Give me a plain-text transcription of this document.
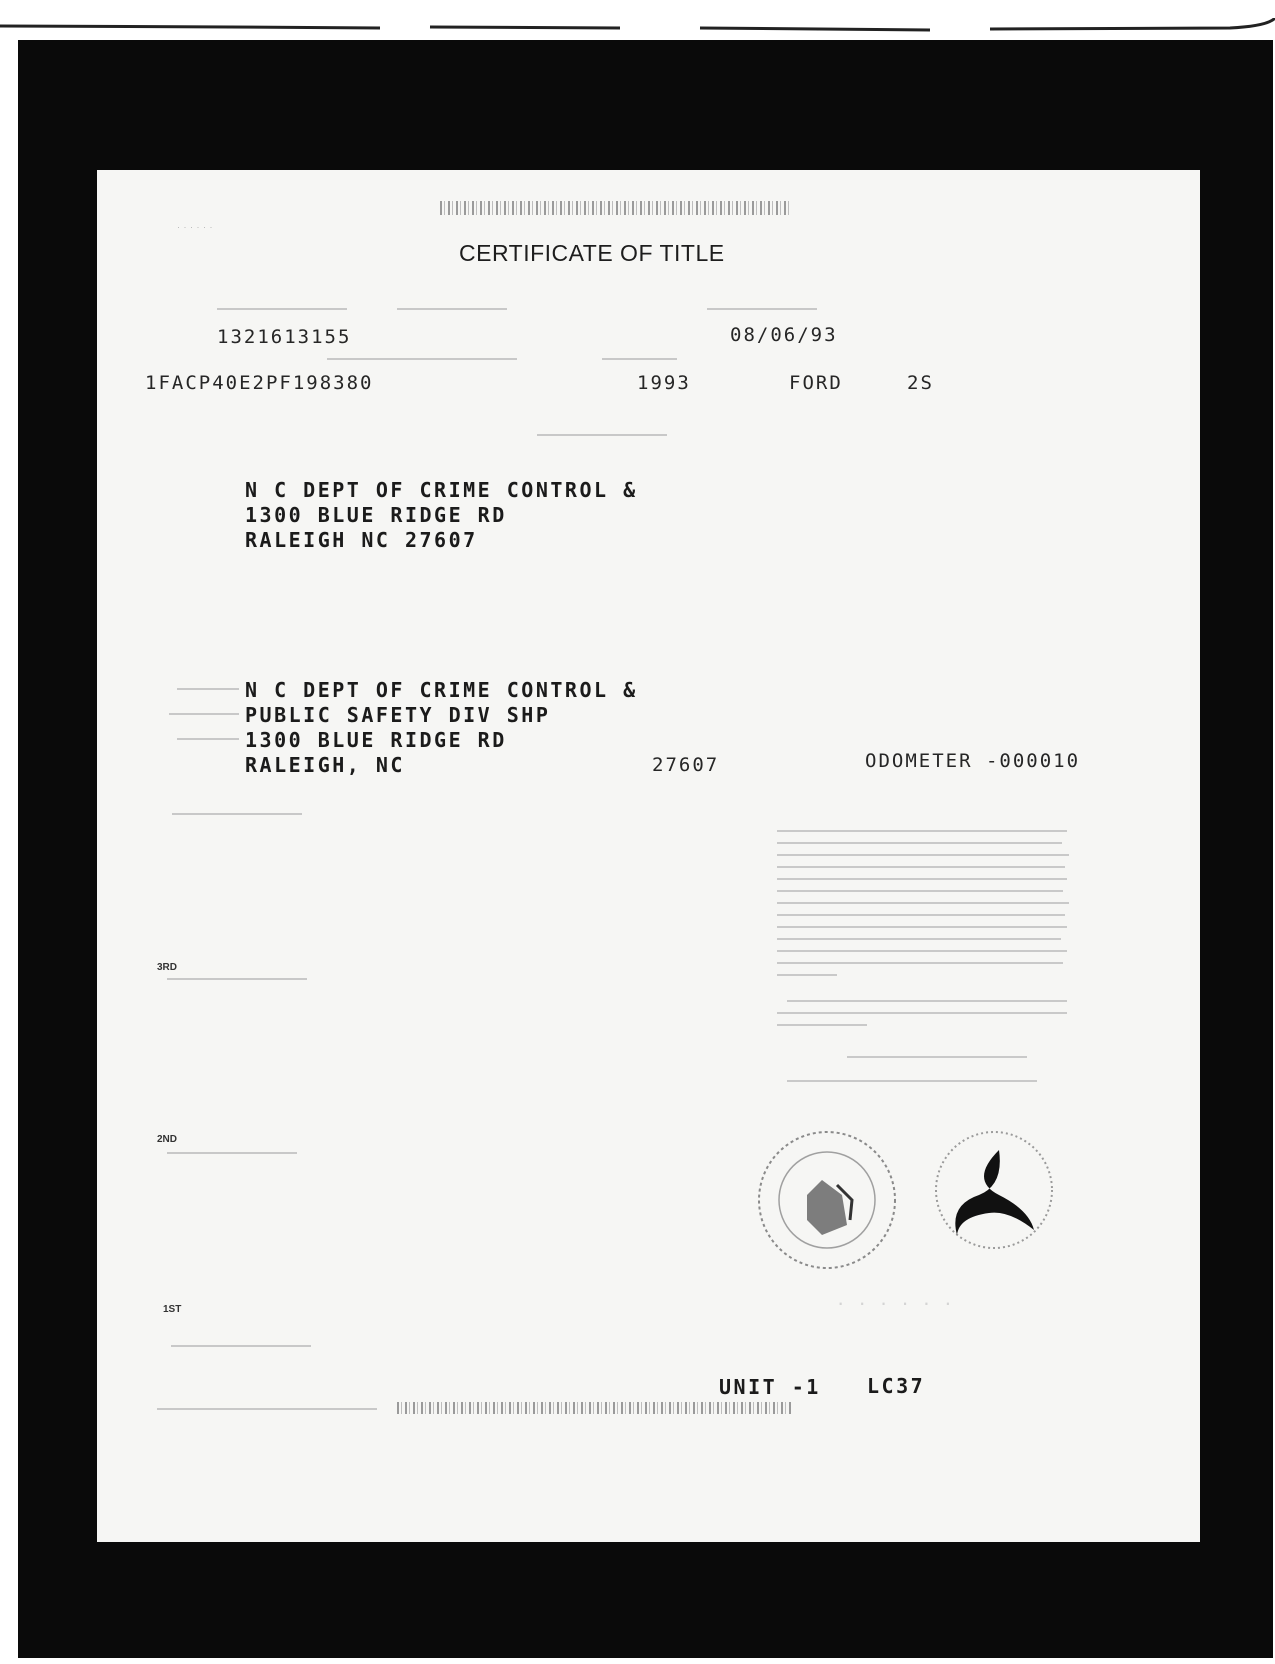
· · · · · ·
CERTIFICATE OF TITLE
1321613155	08/06/93
1FACP40E2PF198380	1993	FORD	2S
N C DEPT OF CRIME CONTROL &
1300 BLUE RIDGE RD
RALEIGH NC 27607
N C DEPT OF CRIME CONTROL &
PUBLIC SAFETY DIV SHP
1300 BLUE RIDGE RD
RALEIGH, NC	27607	ODOMETER -000010
3RD
2ND
1ST	· · · · · ·
UNIT -1 LC37
